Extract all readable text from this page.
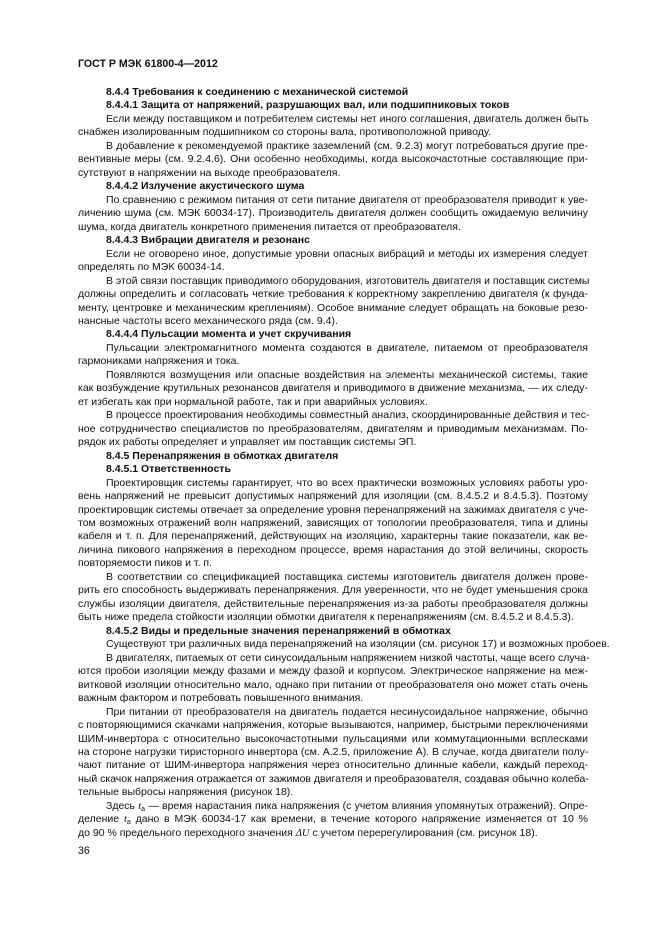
ГОСТ Р МЭК 61800-4—2012
8.4.4 Требования к соединению с механической системой
8.4.4.1 Защита от напряжений, разрушающих вал, или подшипниковых токов
Если между поставщиком и потребителем системы нет иного соглашения, двигатель должен быть
снабжен изолированным подшипником со стороны вала, противоположной приводу.
В добавление к рекомендуемой практике заземлений (см. 9.2.3) могут потребоваться другие пре-
вентивные меры (см. 9.2.4.6). Они особенно необходимы, когда высокочастотные составляющие при-
сутствуют в напряжении на выходе преобразователя.
8.4.4.2 Излучение акустического шума
По сравнению с режимом питания от сети питание двигателя от преобразователя приводит к уве-
личению шума (см. МЭК 60034-17). Производитель двигателя должен сообщить ожидаемую величину
шума, когда двигатель конкретного применения питается от преобразователя.
8.4.4.3 Вибрации двигателя и резонанс
Если не оговорено иное, допустимые уровни опасных вибраций и методы их измерения следует
определять по МЭК 60034-14.
В этой связи поставщик приводимого оборудования, изготовитель двигателя и поставщик системы
должны определить и согласовать четкие требования к корректному закреплению двигателя (к фунда-
менту, центровке и механическим креплениям). Особое внимание следует обращать на боковые резо-
нансные частоты всего механического ряда (см. 9.4).
8.4.4.4 Пульсации момента и учет скручивания
Пульсации электромагнитного момента создаются в двигателе, питаемом от преобразователя
гармониками напряжения и тока.
Появляются возмущения или опасные воздействия на элементы механической системы, такие
как возбуждение крутильных резонансов двигателя и приводимого в движение механизма, — их следу-
ет избегать как при нормальной работе, так и при аварийных условиях.
В процессе проектирования необходимы совместный анализ, скоординированные действия и тес-
ное сотрудничество специалистов по преобразователям, двигателям и приводимым механизмам. По-
рядок их работы определяет и управляет им поставщик системы ЭП.
8.4.5 Перенапряжения в обмотках двигателя
8.4.5.1 Ответственность
Проектировщик системы гарантирует, что во всех практически возможных условиях работы уро-
вень напряжений не превысит допустимых напряжений для изоляции (см. 8.4.5.2 и 8.4.5.3). Поэтому
проектировщик системы отвечает за определение уровня перенапряжений на зажимах двигателя с уче-
том возможных отражений волн напряжений, зависящих от топологии преобразователя, типа и длины
кабеля и т. п. Для перенапряжений, действующих на изоляцию, характерны такие показатели, как ве-
личина пикового напряжения в переходном процессе, время нарастания до этой величины, скорость
повторяемости пиков и т. п.
В соответствии со спецификацией поставщика системы изготовитель двигателя должен прове-
рить его способность выдерживать перенапряжения. Для уверенности, что не будет уменьшения срока
службы изоляции двигателя, действительные перенапряжения из-за работы преобразователя должны
быть ниже предела стойкости изоляции обмотки двигателя к перенапряжениям (см. 8.4.5.2 и 8.4.5.3).
8.4.5.2 Виды и предельные значения перенапряжений в обмотках
Существуют три различных вида перенапряжений на изоляции (см. рисунок 17) и возможных пробоев.
В двигателях, питаемых от сети синусоидальным напряжением низкой частоты, чаще всего случа-
ются пробои изоляции между фазами и между фазой и корпусом. Электрическое напряжение на меж-
витковой изоляции относительно мало, однако при питании от преобразователя оно может стать очень
важным фактором и потребовать повышенного внимания.
При питании от преобразователя на двигатель подается несинусоидальное напряжение, обычно
с повторяющимися скачками напряжения, которые вызываются, например, быстрыми переключениями
ШИМ-инвертора с относительно высокочастотными пульсациями или коммутационными всплесками
на стороне нагрузки тиристорного инвертора (см. А.2.5, приложение А). В случае, когда двигатели полу-
чают питание от ШИМ-инвертора напряжения через относительно длинные кабели, каждый переход-
ный скачок напряжения отражается от зажимов двигателя и преобразователя, создавая обычно колеба-
тельные выбросы напряжения (рисунок 18).
Здесь $t_a$ — время нарастания пика напряжения (с учетом влияния упомянутых отражений). Опре-
деление $t_a$ дано в МЭК 60034-17 как времени, в течение которого напряжение изменяется от 10 %
до 90 % предельного переходного значения ΔU с учетом перерегулирования (см. рисунок 18).
36
